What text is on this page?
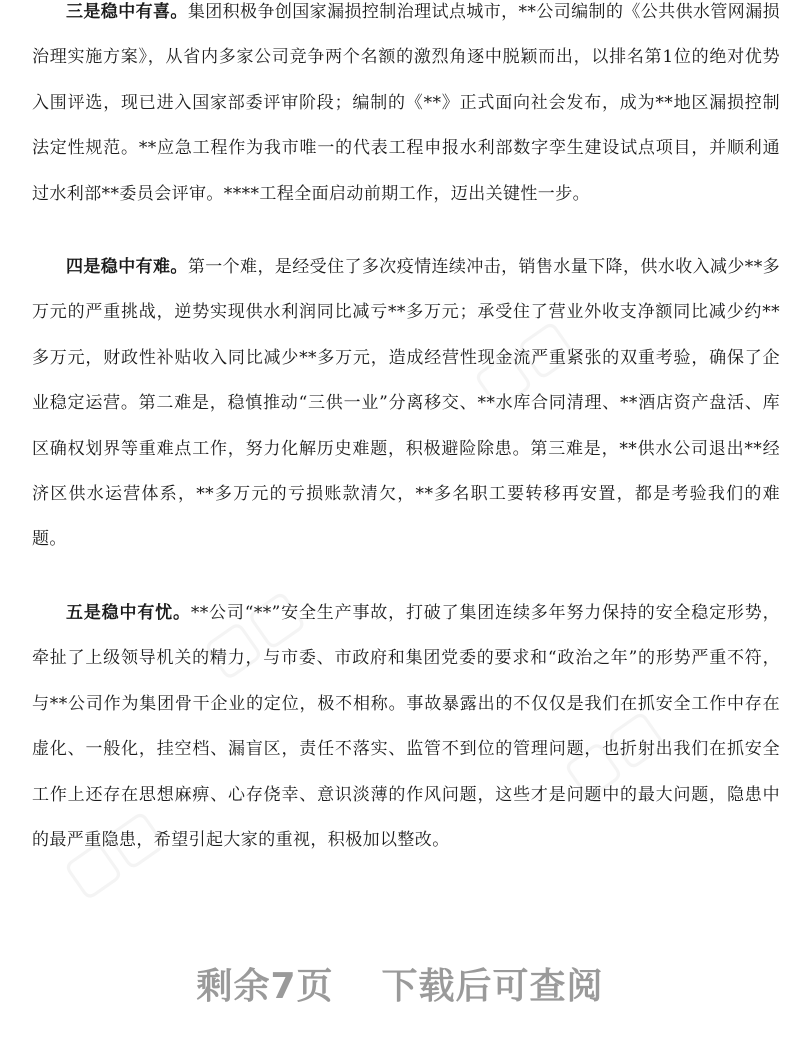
▢▢
▢▢
▢▢
▢▢

三是稳中有喜。集团积极争创国家漏损控制治理试点城市，**公司编制的《公共供水管网漏损治理实施方案》，从省内多家公司竞争两个名额的激烈角逐中脱颖而出，以排名第1位的绝对优势入围评选，现已进入国家部委评审阶段；编制的《**》正式面向社会发布，成为**地区漏损控制法定性规范。**应急工程作为我市唯一的代表工程申报水利部数字孪生建设试点项目，并顺利通过水利部**委员会评审。****工程全面启动前期工作，迈出关键性一步。

四是稳中有难。第一个难，是经受住了多次疫情连续冲击，销售水量下降，供水收入减少**多万元的严重挑战，逆势实现供水利润同比减亏**多万元；承受住了营业外收支净额同比减少约**多万元，财政性补贴收入同比减少**多万元，造成经营性现金流严重紧张的双重考验，确保了企业稳定运营。第二难是，稳慎推动“三供一业”分离移交、**水库合同清理、**酒店资产盘活、库区确权划界等重难点工作，努力化解历史难题，积极避险除患。第三难是，**供水公司退出**经济区供水运营体系，**多万元的亏损账款清欠，**多名职工要转移再安置，都是考验我们的难题。

五是稳中有忧。**公司“**”安全生产事故，打破了集团连续多年努力保持的安全稳定形势，牵扯了上级领导机关的精力，与市委、市政府和集团党委的要求和“政治之年”的形势严重不符，与**公司作为集团骨干企业的定位，极不相称。事故暴露出的不仅仅是我们在抓安全工作中存在虚化、一般化，挂空档、漏盲区，责任不落实、监管不到位的管理问题，也折射出我们在抓安全工作上还存在思想麻痹、心存侥幸、意识淡薄的作风问题，这些才是问题中的最大问题，隐患中的最严重隐患，希望引起大家的重视，积极加以整改。

剩余7页 下载后可查阅
